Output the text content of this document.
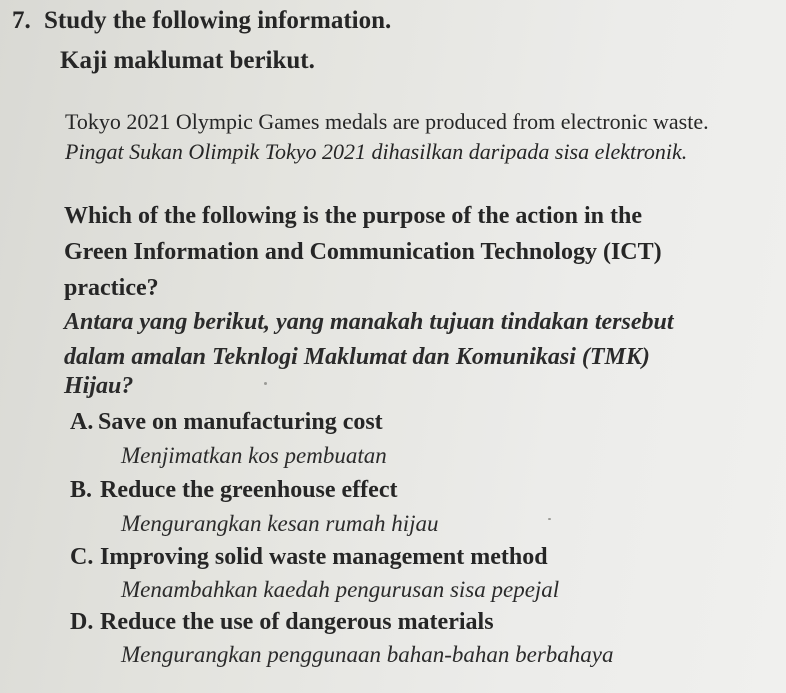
7. Study the following information.
Kaji maklumat berikut.
Tokyo 2021 Olympic Games medals are produced from electronic waste.
Pingat Sukan Olimpik Tokyo 2021 dihasilkan daripada sisa elektronik.
Which of the following is the purpose of the action in the
Green Information and Communication Technology (ICT)
practice?
Antara yang berikut, yang manakah tujuan tindakan tersebut
dalam amalan Teknlogi Maklumat dan Komunikasi (TMK)
Hijau?
A. Save on manufacturing cost
Menjimatkan kos pembuatan
B. Reduce the greenhouse effect
Mengurangkan kesan rumah hijau
C. Improving solid waste management method
Menambahkan kaedah pengurusan sisa pepejal
D. Reduce the use of dangerous materials
Mengurangkan penggunaan bahan-bahan berbahaya
